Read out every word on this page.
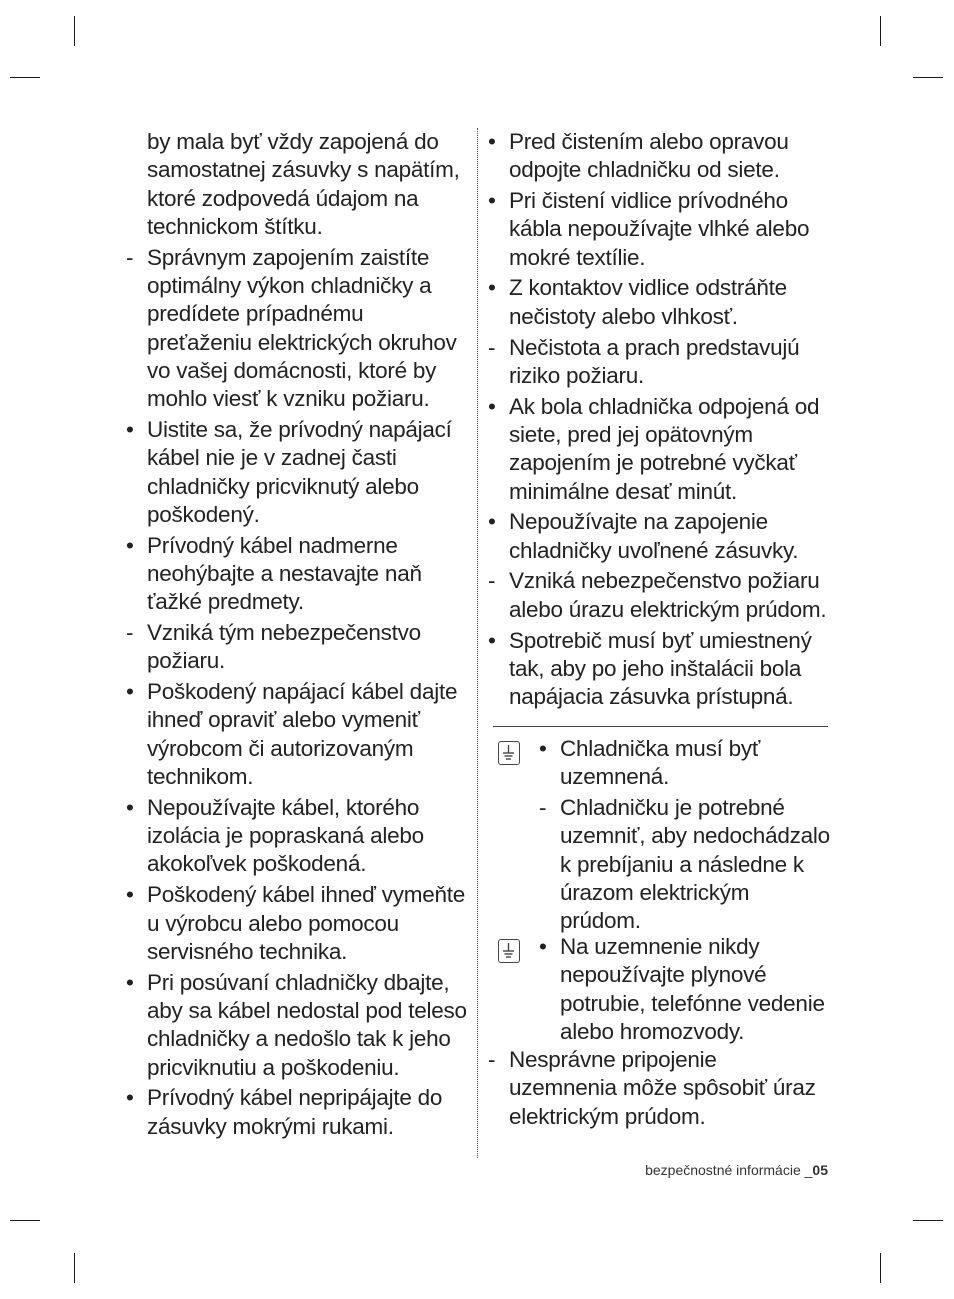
by mala byť vždy zapojená do samostatnej zásuvky s napätím, ktoré zodpovedá údajom na technickom štítku.
- Správnym zapojením zaistíte optimálny výkon chladničky a predídete prípadnému preťaženiu elektrických okruhov vo vašej domácnosti, ktoré by mohlo viesť k vzniku požiaru.
• Uistite sa, že prívodný napájací kábel nie je v zadnej časti chladničky pricviknutý alebo poškodený.
• Prívodný kábel nadmerne neohýbajte a nestavajte naň ťažké predmety.
- Vzniká tým nebezpečenstvo požiaru.
• Poškodený napájací kábel dajte ihneď opraviť alebo vymeniť výrobcom či autorizovaným technikom.
• Nepoužívajte kábel, ktorého izolácia je popraskaná alebo akokoľvek poškodená.
• Poškodený kábel ihneď vymeňte u výrobcu alebo pomocou servisného technika.
• Pri posúvaní chladničky dbajte, aby sa kábel nedostal pod teleso chladničky a nedošlo tak k jeho pricviknutiu a poškodeniu.
• Prívodný kábel nepripájajte do zásuvky mokrými rukami.
• Pred čistením alebo opravou odpojte chladničku od siete.
• Pri čistení vidlice prívodného kábla nepoužívajte vlhké alebo mokré textílie.
• Z kontaktov vidlice odstráňte nečistoty alebo vlhkosť.
- Nečistota a prach predstavujú riziko požiaru.
• Ak bola chladnička odpojená od siete, pred jej opätovným zapojením je potrebné vyčkať minimálne desať minút.
• Nepoužívajte na zapojenie chladničky uvoľnené zásuvky.
- Vzniká nebezpečenstvo požiaru alebo úrazu elektrickým prúdom.
• Spotrebič musí byť umiestnený tak, aby po jeho inštalácii bola napájacia zásuvka prístupná.
• Chladnička musí byť uzemnená.
- Chladničku je potrebné uzemniť, aby nedochádzalo k prebíjaniu a následne k úrazom elektrickým prúdom.
• Na uzemnenie nikdy nepoužívajte plynové potrubie, telefónne vedenie alebo hromozvody.
- Nesprávne pripojenie uzemnenia môže spôsobiť úraz elektrickým prúdom.
bezpečnostné informácie _05
